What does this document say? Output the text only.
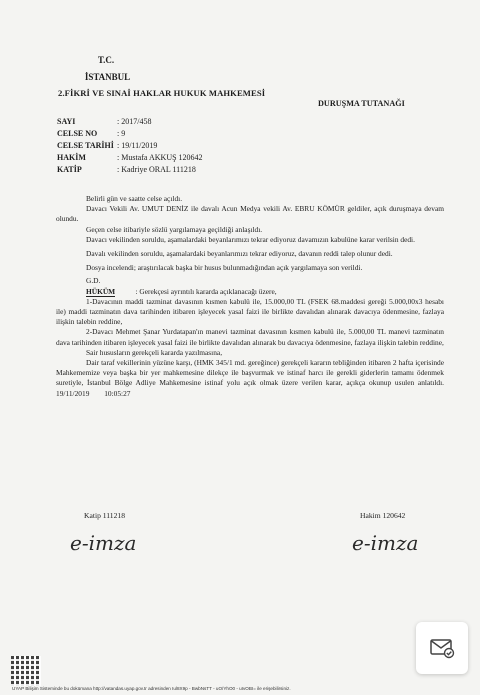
T.C.
İSTANBUL
2.FİKRİ VE SINAİ HAKLAR HUKUK MAHKEMESİ
DURUŞMA TUTANAĞI
SAYI	: 2017/458
CELSE NO : 9
CELSE TARİHİ : 19/11/2019
HAKİM	: Mustafa AKKUŞ 120642
KATİP	: Kadriye ORAL 111218

Belirli gün ve saatte celse açıldı.

Davacı Vekili Av. UMUT DENİZ ile davalı Acun Medya vekili Av. EBRU KÖMÜR geldiler, açık duruşmaya devam olundu.

Geçen celse itibariyle sözlü yargılamaya geçildiği anlaşıldı.

Davacı vekilinden soruldu, aşamalardaki beyanlarımızı tekrar ediyoruz davamızın kabulüne karar verilsin dedi.

Davalı vekilinden soruldu, aşamalardaki beyanlarımızı tekrar ediyoruz, davanın reddi talep olunur dedi.

Dosya incelendi; araştırılacak başka bir husus bulunmadığından açık yargılamaya son verildi.

G.D.

HÜKÜM	: Gerekçesi ayrıntılı kararda açıklanacağı üzere,

1-Davacının maddi tazminat davasının kısmen kabulü ile, 15.000,00 TL (FSEK 68.maddesi gereği 5.000,00x3 hesabı ile) maddi tazminatın dava tarihinden itibaren işleyecek yasal faizi ile birlikte davalıdan alınarak davacıya ödenmesine, fazlaya ilişkin talebin reddine,

2-Davacı Mehmet Şanar Yurdatapan'ın manevi tazminat davasının kısmen kabulü ile, 5.000,00 TL manevi tazminatın dava tarihinden itibaren işleyecek yasal faizi ile birlikte davalıdan alınarak bu davacıya ödenmesine, fazlaya ilişkin talebin reddine,

Sair hususların gerekçeli kararda yazılmasına,

Dair taraf vekillerinin yüzüne karşı, (HMK 345/1 md. gereğince) gerekçeli kararın tebliğinden itibaren 2 hafta içerisinde Mahkememize veya başka bir yer mahkemesine dilekçe ile başvurmak ve istinaf harcı ile gerekli giderlerin tamamı ödenmek suretiyle, İstanbul Bölge Adliye Mahkemesine istinaf yolu açık olmak üzere verilen karar, açıkça okunup usulen anlatıldı. 19/11/2019 10:05:27

Katip 111218	Hakim 120642
e-imza	e-imza
UYAP Bilişim Sisteminde bu dokümana http://vatandas.uyap.gov.tr adresinden Iul8X9p - BwbNsTT - uO/YhO0 - uIvOBI= ile erişebilirsiniz.
